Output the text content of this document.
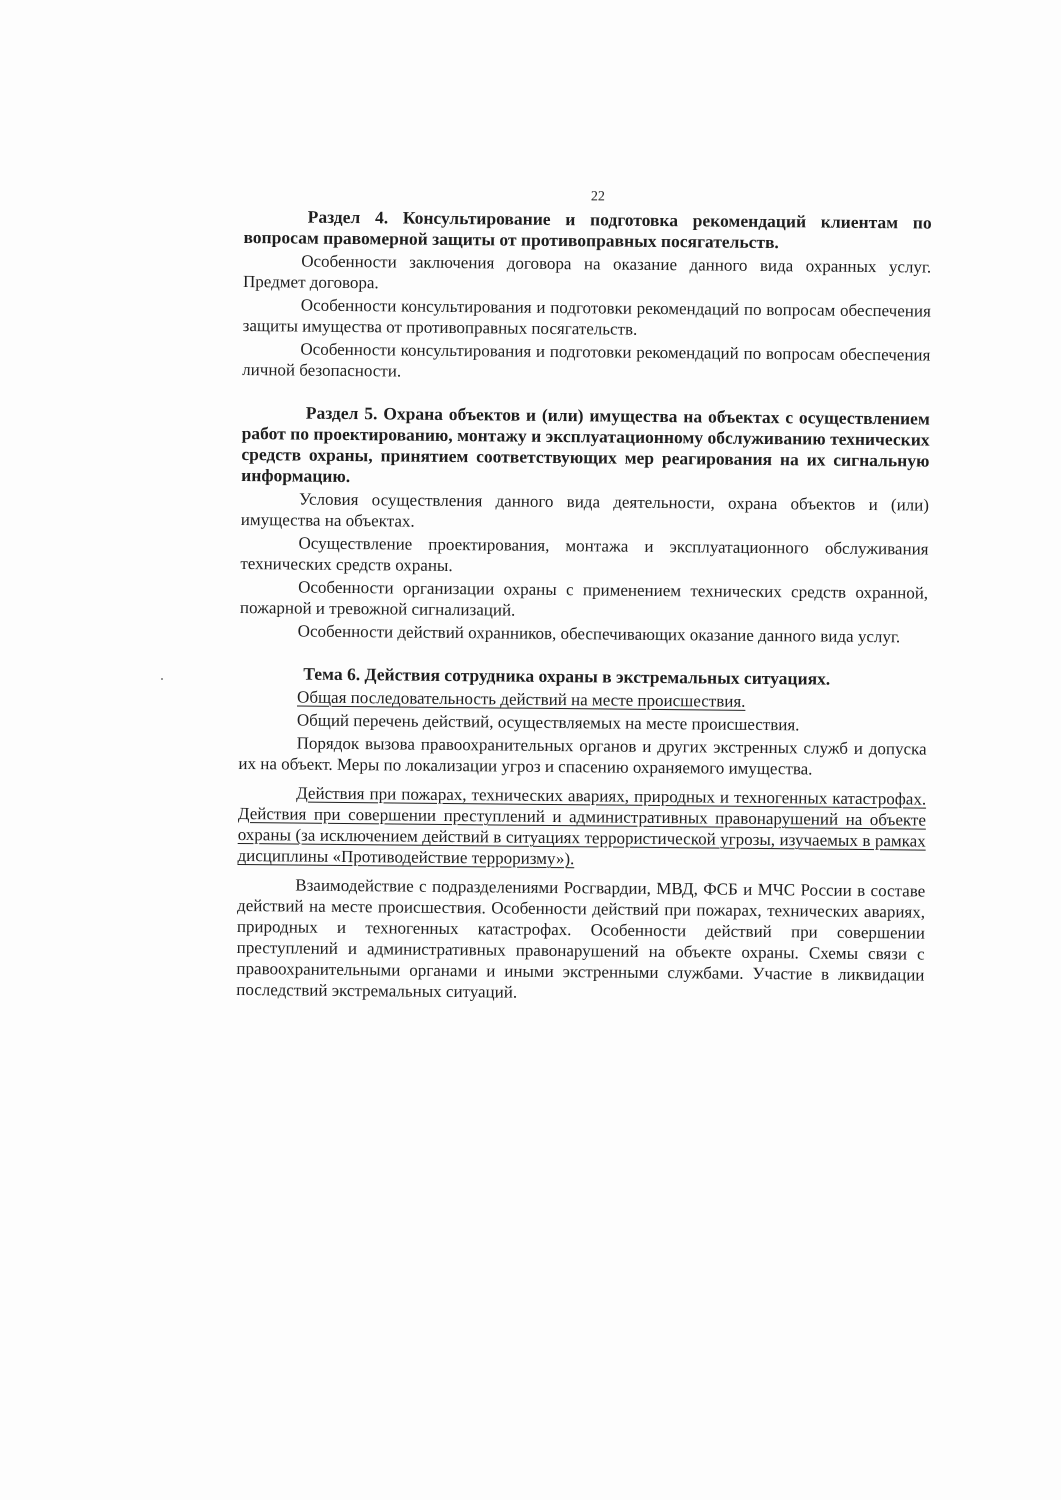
22
Раздел 4. Консультирование и подготовка рекомендаций клиентам по вопросам правомерной защиты от противоправных посягательств.

Особенности заключения договора на оказание данного вида охранных услуг. Предмет договора.

Особенности консультирования и подготовки рекомендаций по вопросам обеспечения защиты имущества от противоправных посягательств.

Особенности консультирования и подготовки рекомендаций по вопросам обеспечения личной безопасности.

Раздел 5. Охрана объектов и (или) имущества на объектах с осуществлением работ по проектированию, монтажу и эксплуатационному обслуживанию технических средств охраны, принятием соответствующих мер реагирования на их сигнальную информацию.

Условия осуществления данного вида деятельности, охрана объектов и (или) имущества на объектах.

Осуществление проектирования, монтажа и эксплуатационного обслуживания технических средств охраны.

Особенности организации охраны с применением технических средств охранной, пожарной и тревожной сигнализаций.

Особенности действий охранников, обеспечивающих оказание данного вида услуг.

Тема 6. Действия сотрудника охраны в экстремальных ситуациях.

Общая последовательность действий на месте происшествия.

Общий перечень действий, осуществляемых на месте происшествия.

Порядок вызова правоохранительных органов и других экстренных служб и допуска их на объект. Меры по локализации угроз и спасению охраняемого имущества.

Действия при пожарах, технических авариях, природных и техногенных катастрофах. Действия при совершении преступлений и административных правонарушений на объекте охраны (за исключением действий в ситуациях террористической угрозы, изучаемых в рамках дисциплины «Противодействие терроризму»).

Взаимодействие с подразделениями Росгвардии, МВД, ФСБ и МЧС России в составе действий на месте происшествия. Особенности действий при пожарах, технических авариях, природных и техногенных катастрофах. Особенности действий при совершении преступлений и административных правонарушений на объекте охраны. Схемы связи с правоохранительными органами и иными экстренными службами. Участие в ликвидации последствий экстремальных ситуаций.
